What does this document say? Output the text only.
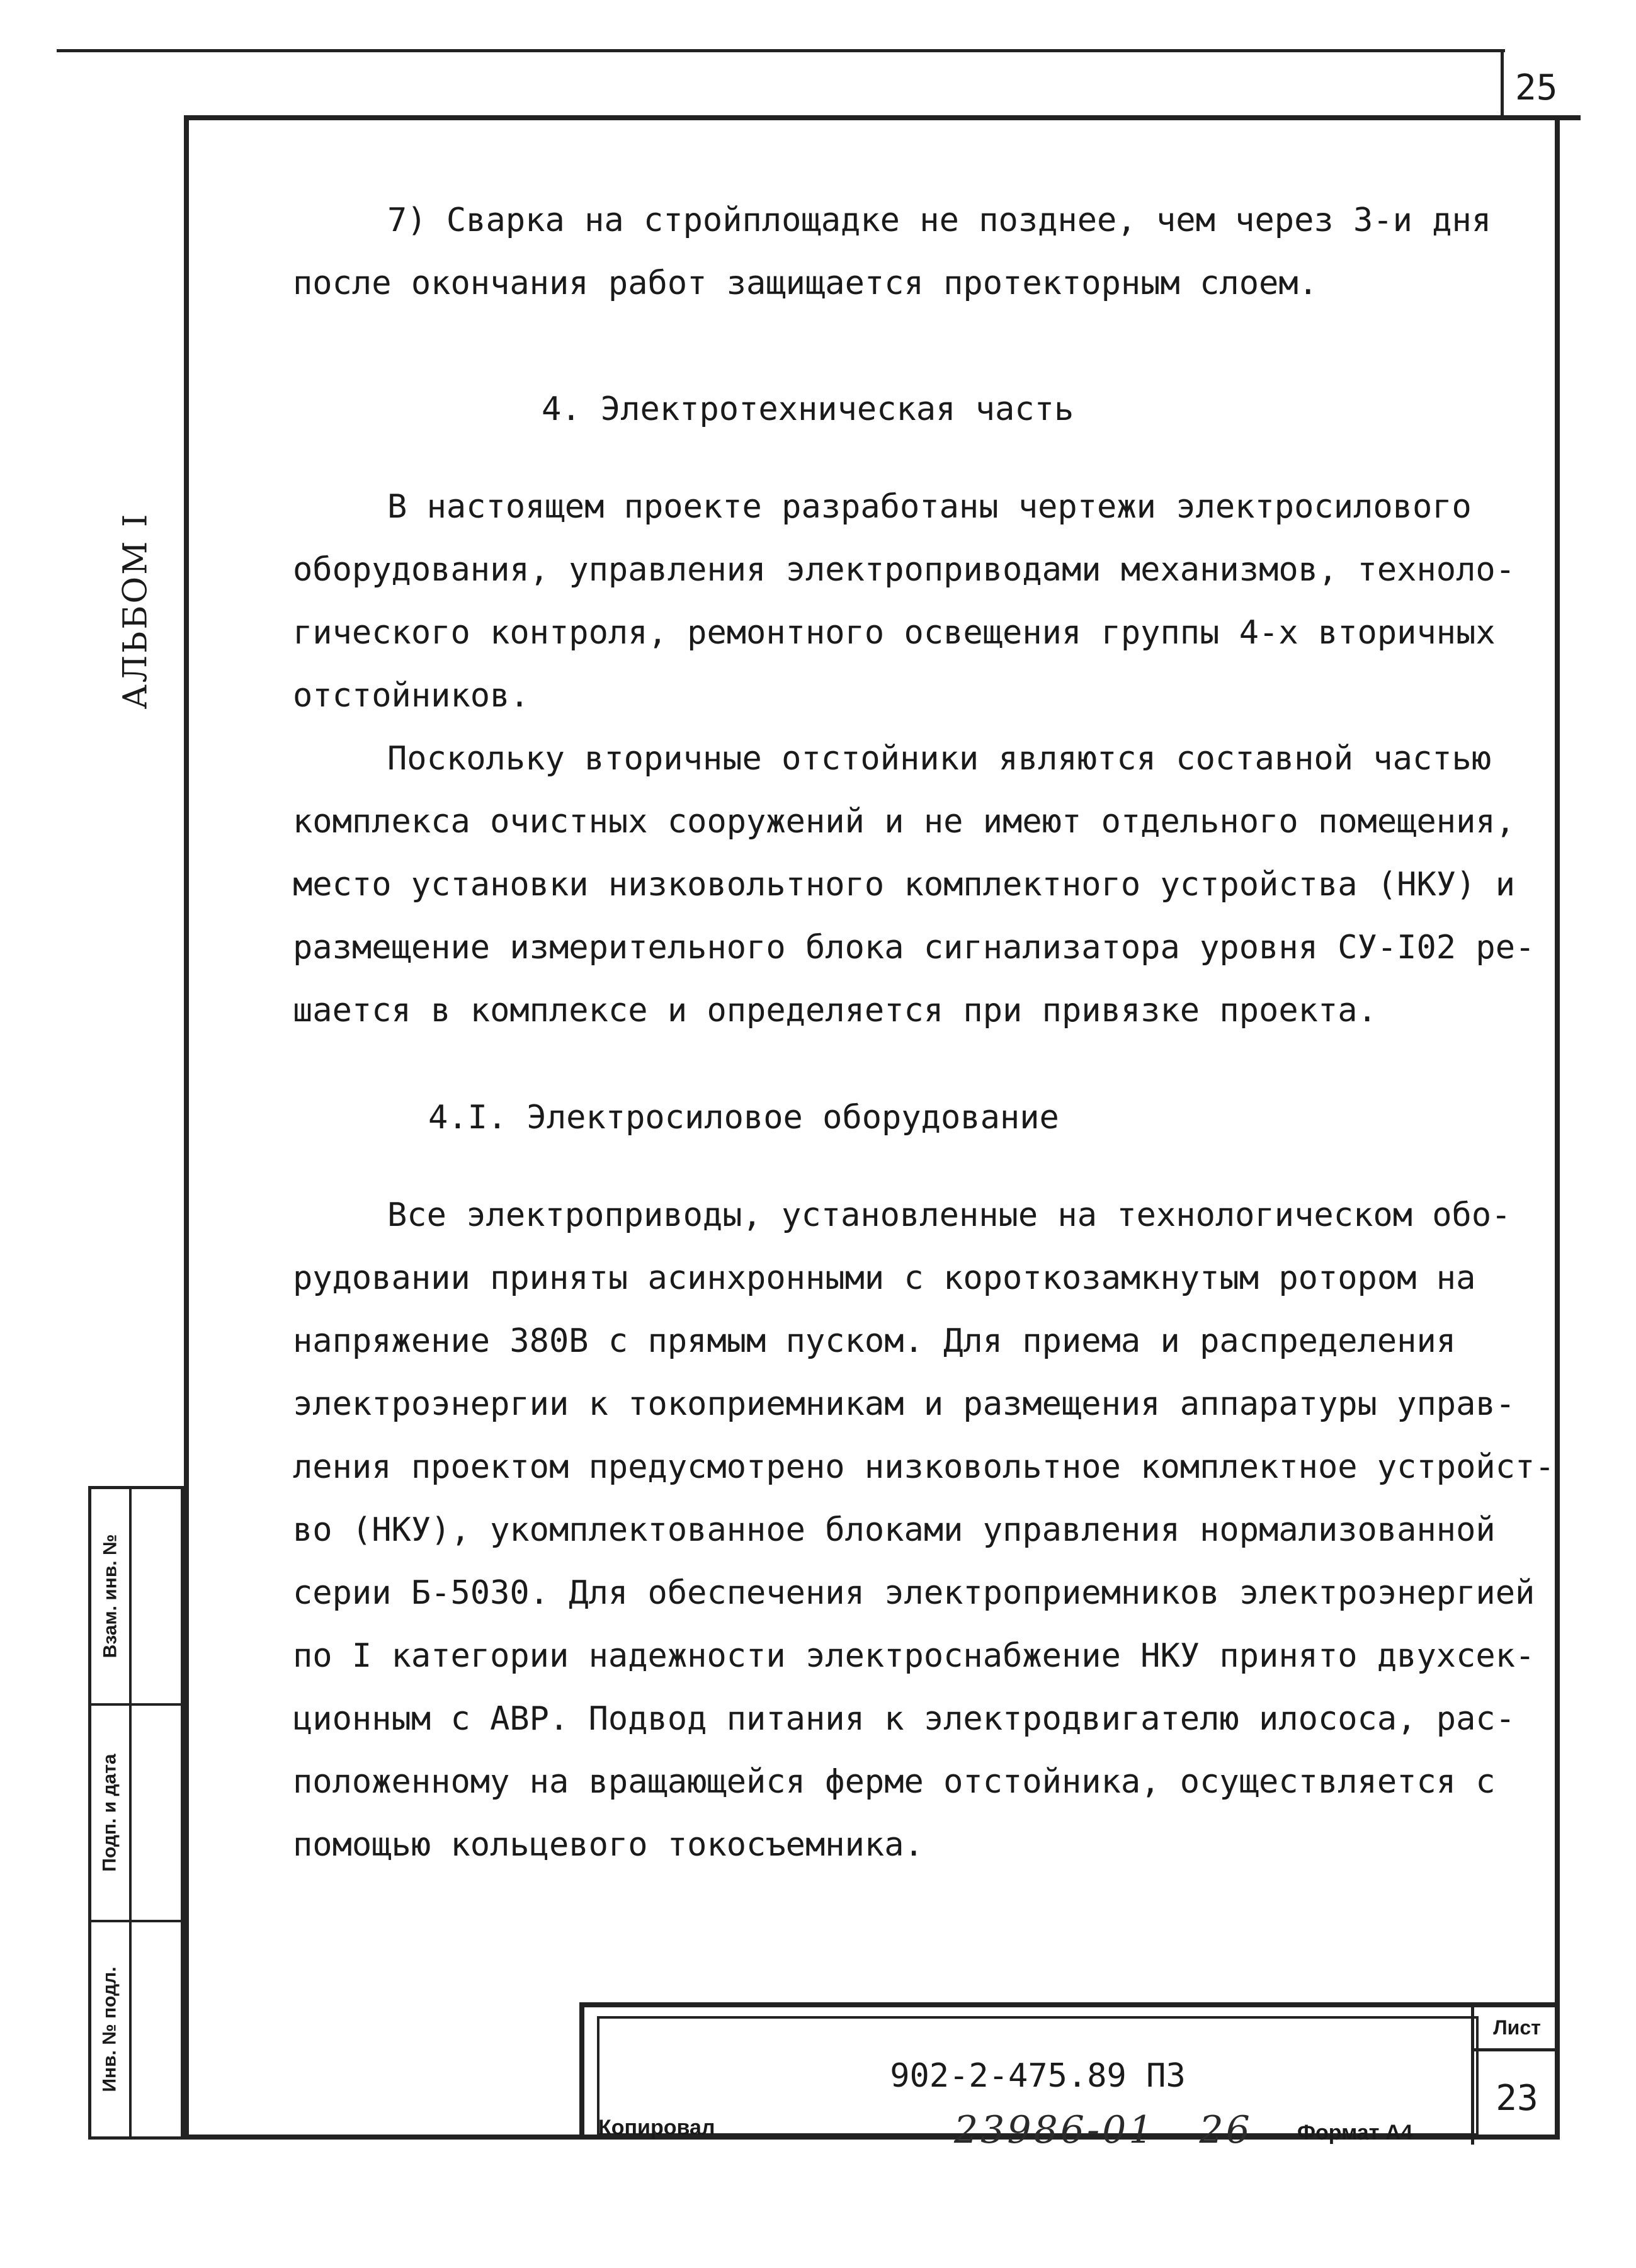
25
АЛЬБОМ I
7) Сварка на стройплощадке не позднее, чем через 3-и дня
после окончания работ защищается протекторным слоем.
4. Электротехническая часть
В настоящем проекте разработаны чертежи электросилового
оборудования, управления электроприводами механизмов, техноло-
гического контроля, ремонтного освещения группы 4-х вторичных
отстойников.
Поскольку вторичные отстойники являются составной частью
комплекса очистных сооружений и не имеют отдельного помещения,
место установки низковольтного комплектного устройства (НКУ) и
размещение измерительного блока сигнализатора уровня СУ-I02 ре-
шается в комплексе и определяется при привязке проекта.
4.I. Электросиловое оборудование
Все электроприводы, установленные на технологическом обо-
рудовании приняты асинхронными с короткозамкнутым ротором на
напряжение 380В с прямым пуском. Для приема и распределения
электроэнергии к токоприемникам и размещения аппаратуры управ-
ления проектом предусмотрено низковольтное комплектное устройст-
во (НКУ), укомплектованное блоками управления нормализованной
серии Б-5030. Для обеспечения электроприемников электроэнергией
по I категории надежности электроснабжение НКУ принято двухсек-
ционным с АВР. Подвод питания к электродвигателю илососа, рас-
положенному на вращающейся ферме отстойника, осуществляется с
помощью кольцевого токосъемника.
Взам. инв. №
Подп. и дата
Инв. № подл.	902-2-475.89 ПЗ
Лист
23
Копировал	23986-01 26 Формат А4
